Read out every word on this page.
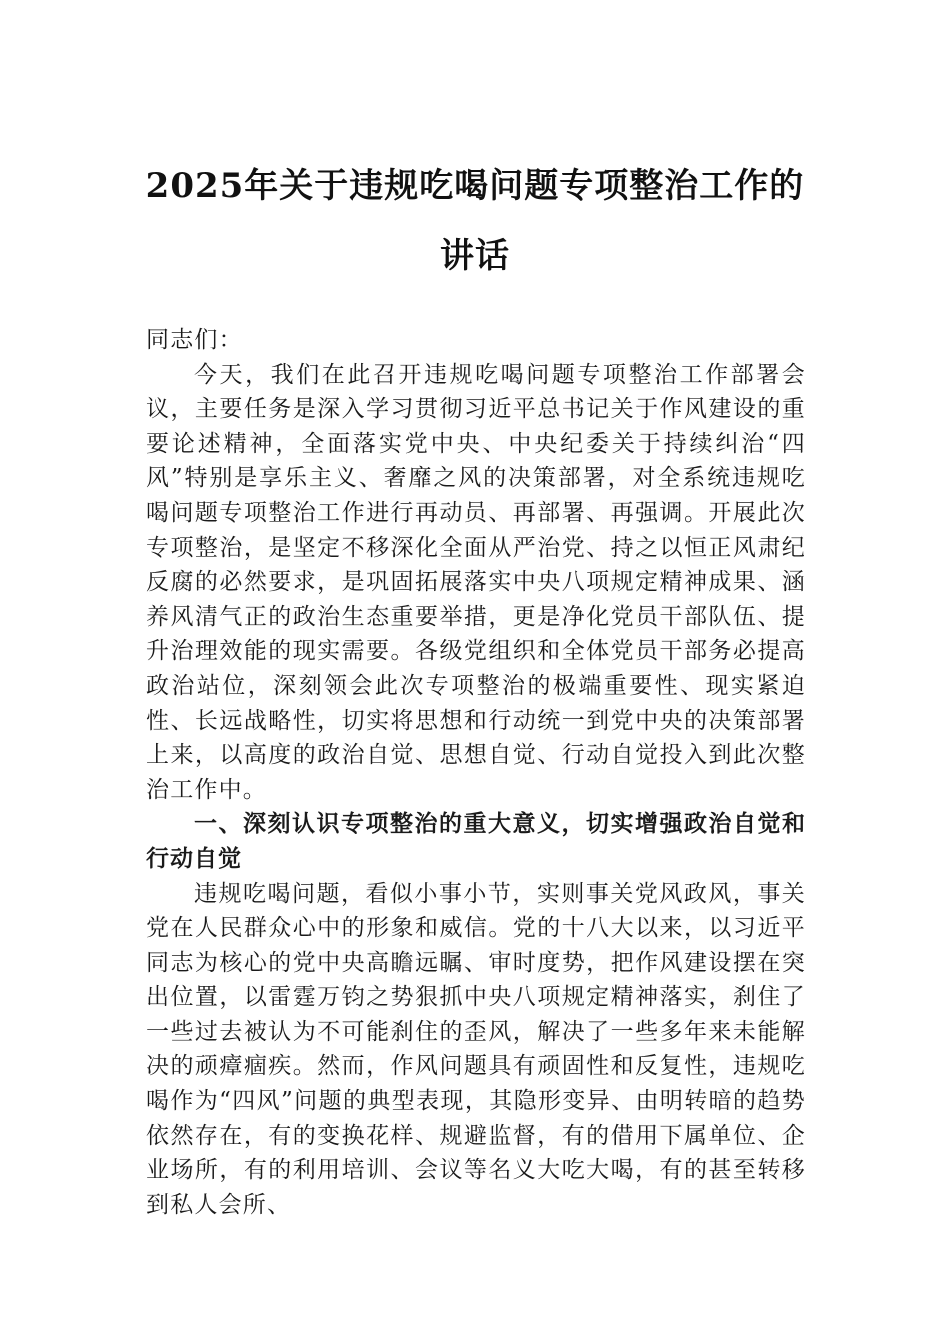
2025年关于违规吃喝问题专项整治工作的
讲话

同志们：

今天，我们在此召开违规吃喝问题专项整治工作部署会议，主要任务是深入学习贯彻习近平总书记关于作风建设的重要论述精神，全面落实党中央、中央纪委关于持续纠治“四风”特别是享乐主义、奢靡之风的决策部署，对全系统违规吃喝问题专项整治工作进行再动员、再部署、再强调。开展此次专项整治，是坚定不移深化全面从严治党、持之以恒正风肃纪反腐的必然要求，是巩固拓展落实中央八项规定精神成果、涵养风清气正的政治生态重要举措，更是净化党员干部队伍、提升治理效能的现实需要。各级党组织和全体党员干部务必提高政治站位，深刻领会此次专项整治的极端重要性、现实紧迫性、长远战略性，切实将思想和行动统一到党中央的决策部署上来，以高度的政治自觉、思想自觉、行动自觉投入到此次整治工作中。

一、深刻认识专项整治的重大意义，切实增强政治自觉和行动自觉

违规吃喝问题，看似小事小节，实则事关党风政风，事关党在人民群众心中的形象和威信。党的十八大以来，以习近平同志为核心的党中央高瞻远瞩、审时度势，把作风建设摆在突出位置，以雷霆万钧之势狠抓中央八项规定精神落实，刹住了一些过去被认为不可能刹住的歪风，解决了一些多年来未能解决的顽瘴痼疾。然而，作风问题具有顽固性和反复性，违规吃喝作为“四风”问题的典型表现，其隐形变异、由明转暗的趋势依然存在，有的变换花样、规避监督，有的借用下属单位、企业场所，有的利用培训、会议等名义大吃大喝，有的甚至转移到私人会所、
